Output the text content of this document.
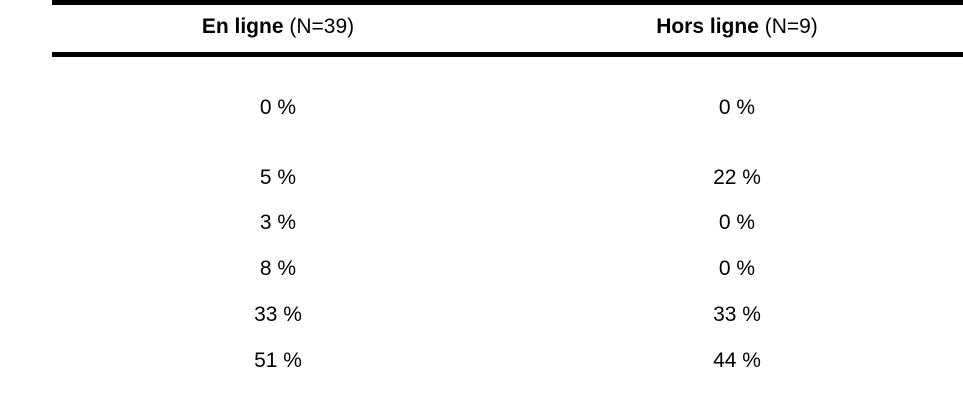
En ligne (N=39)
0 %
5 %
3 %
8 %
33 %
51 %
Hors ligne (N=9)
0 %
22 %
0 %
0 %
33 %
44 %
